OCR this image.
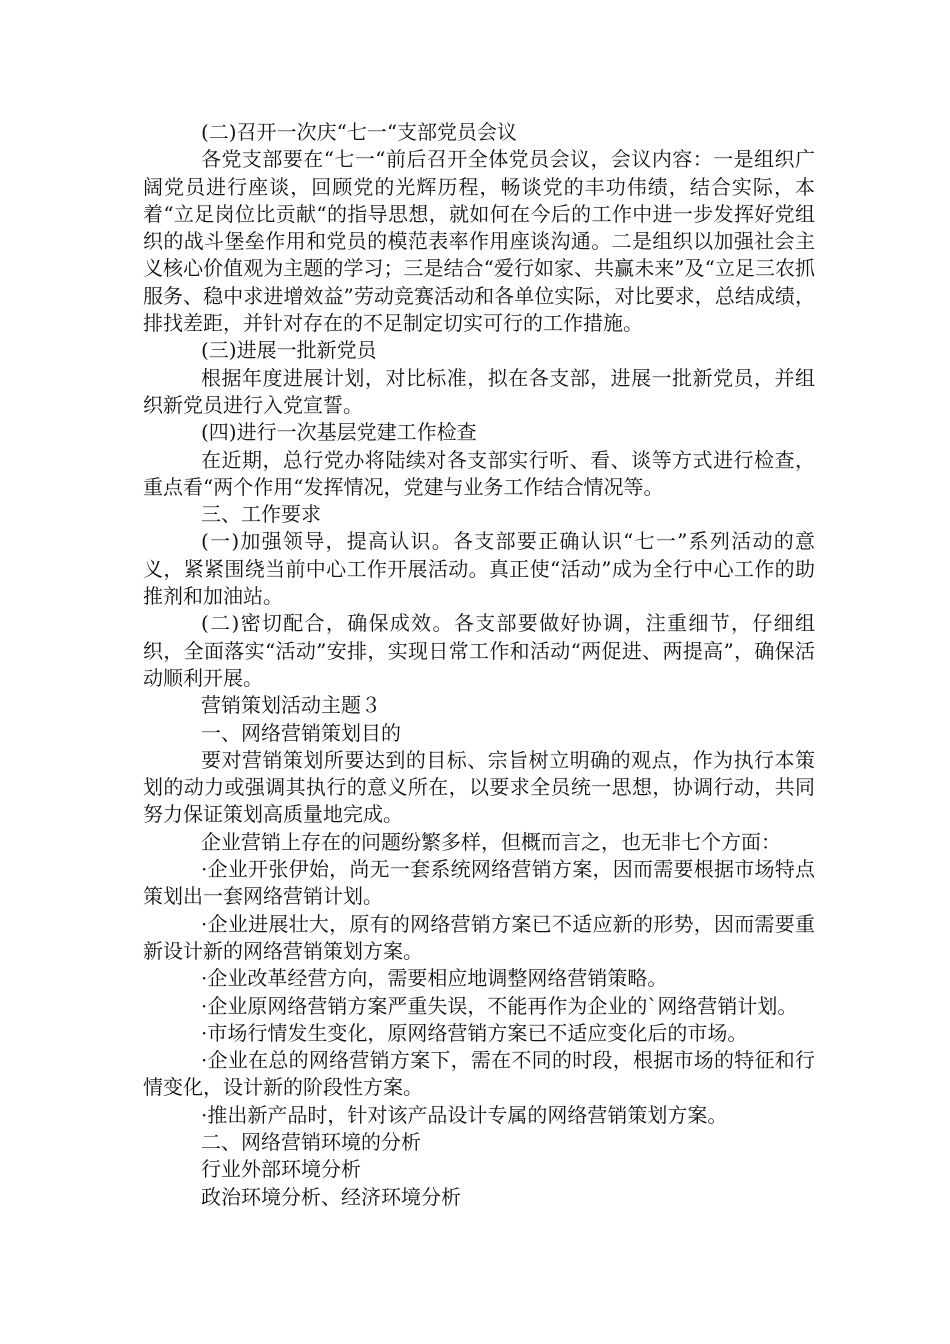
(二)召开一次庆“七一“支部党员会议

各党支部要在“七一“前后召开全体党员会议，会议内容：一是组织广阔党员进行座谈，回顾党的光辉历程，畅谈党的丰功伟绩，结合实际，本着“立足岗位比贡献“的指导思想，就如何在今后的工作中进一步发挥好党组织的战斗堡垒作用和党员的模范表率作用座谈沟通。二是组织以加强社会主义核心价值观为主题的学习；三是结合“爱行如家、共赢未来”及“立足三农抓服务、稳中求进增效益”劳动竞赛活动和各单位实际，对比要求，总结成绩，排找差距，并针对存在的不足制定切实可行的工作措施。

(三)进展一批新党员

根据年度进展计划，对比标准，拟在各支部，进展一批新党员，并组织新党员进行入党宣誓。

(四)进行一次基层党建工作检查

在近期，总行党办将陆续对各支部实行听、看、谈等方式进行检查，重点看“两个作用“发挥情况，党建与业务工作结合情况等。

三、工作要求

(一)加强领导，提高认识。各支部要正确认识“七一”系列活动的意义，紧紧围绕当前中心工作开展活动。真正使“活动”成为全行中心工作的助推剂和加油站。

(二)密切配合，确保成效。各支部要做好协调，注重细节，仔细组织，全面落实“活动”安排，实现日常工作和活动“两促进、两提高”，确保活动顺利开展。

营销策划活动主题３

一、网络营销策划目的

要对营销策划所要达到的目标、宗旨树立明确的观点，作为执行本策划的动力或强调其执行的意义所在，以要求全员统一思想，协调行动，共同努力保证策划高质量地完成。

企业营销上存在的问题纷繁多样，但概而言之，也无非七个方面：

·企业开张伊始，尚无一套系统网络营销方案，因而需要根据市场特点策划出一套网络营销计划。

·企业进展壮大，原有的网络营销方案已不适应新的形势，因而需要重新设计新的网络营销策划方案。

·企业改革经营方向，需要相应地调整网络营销策略。

·企业原网络营销方案严重失误，不能再作为企业的`网络营销计划。

·市场行情发生变化，原网络营销方案已不适应变化后的市场。

·企业在总的网络营销方案下，需在不同的时段，根据市场的特征和行情变化，设计新的阶段性方案。

·推出新产品时，针对该产品设计专属的网络营销策划方案。

二、网络营销环境的分析

行业外部环境分析

政治环境分析、经济环境分析
